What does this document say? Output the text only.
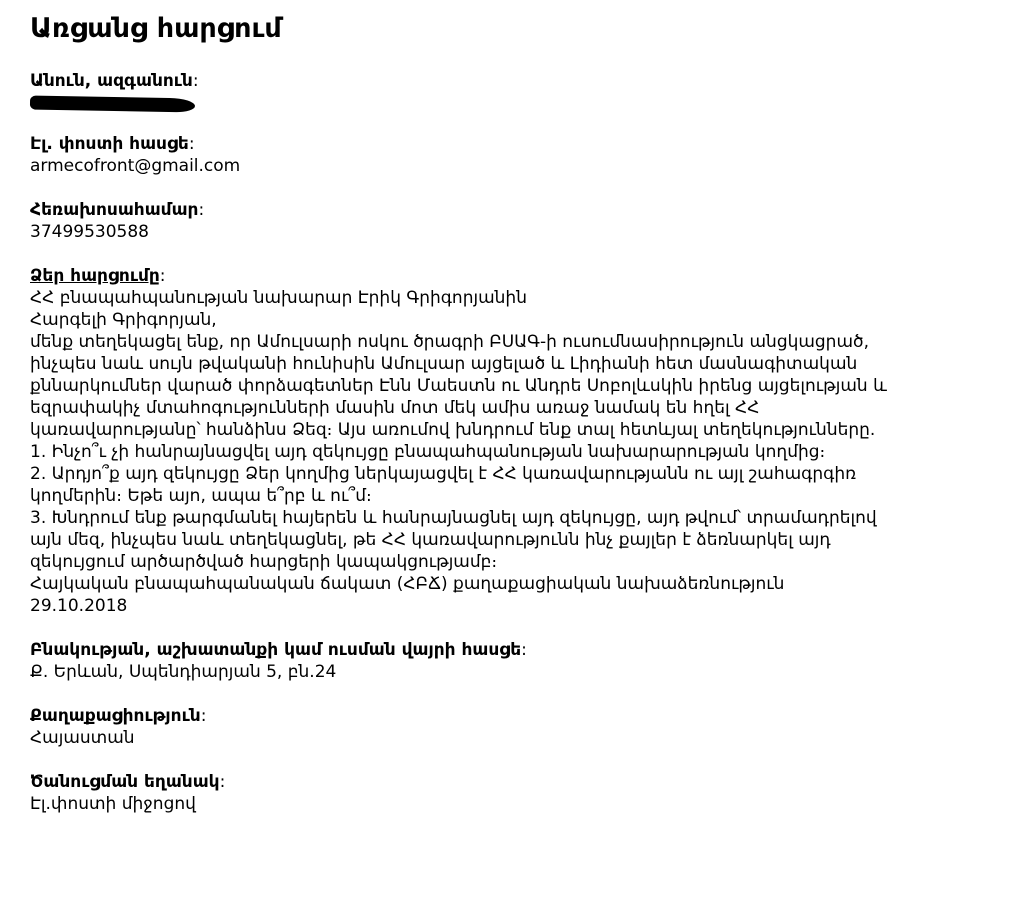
Առցանց հարցում
Անուն, ազգանուն:
Էլ. փոստի հասցե:
armecofront@gmail.com
Հեռախոսահամար:
37499530588
Ձեր հարցումը:
ՀՀ բնապահպանության նախարար Էրիկ Գրիգորյանին
Հարգելի Գրիգորյան,
մենք տեղեկացել ենք, որ Ամուլսարի ոսկու ծրագրի ԲՍԱԳ-ի ուսումնասիրություն անցկացրած,
ինչպես նաև սույն թվականի հունիսին Ամուլսար այցելած և Լիդիանի հետ մասնագիտական
քննարկումներ վարած փորձագետներ Էնն Մաեստն ու Անդրե Սոբոլևսկին իրենց այցելության և
եզրափակիչ մտահոգությունների մասին մոտ մեկ ամիս առաջ նամակ են հղել ՀՀ
կառավարությանը՝ հանձինս Ձեզ։ Այս առումով խնդրում ենք տալ հետևյալ տեղեկությունները.
1. Ինչո՞ւ չի հանրայնացվել այդ զեկույցը բնապահպանության նախարարության կողմից։
2. Արդյո՞ք այդ զեկույցը Ձեր կողմից ներկայացվել է ՀՀ կառավարությանն ու այլ շահագրգիռ
կողմերին։ Եթե այո, ապա ե՞րբ և ու՞մ։
3. Խնդրում ենք թարգմանել հայերեն և հանրայնացնել այդ զեկույցը, այդ թվում՝ տրամադրելով
այն մեզ, ինչպես նաև տեղեկացնել, թե ՀՀ կառավարությունն ինչ քայլեր է ձեռնարկել այդ
զեկույցում արծարծված հարցերի կապակցությամբ։
Հայկական բնապահպանական ճակատ (ՀԲՃ) քաղաքացիական նախաձեռնություն
29.10.2018
Բնակության, աշխատանքի կամ ուսման վայրի հասցե:
Ք. Երևան, Սպենդիարյան 5, բն.24
Քաղաքացիություն:
Հայաստան
Ծանուցման եղանակ:
Էլ.փոստի միջոցով
